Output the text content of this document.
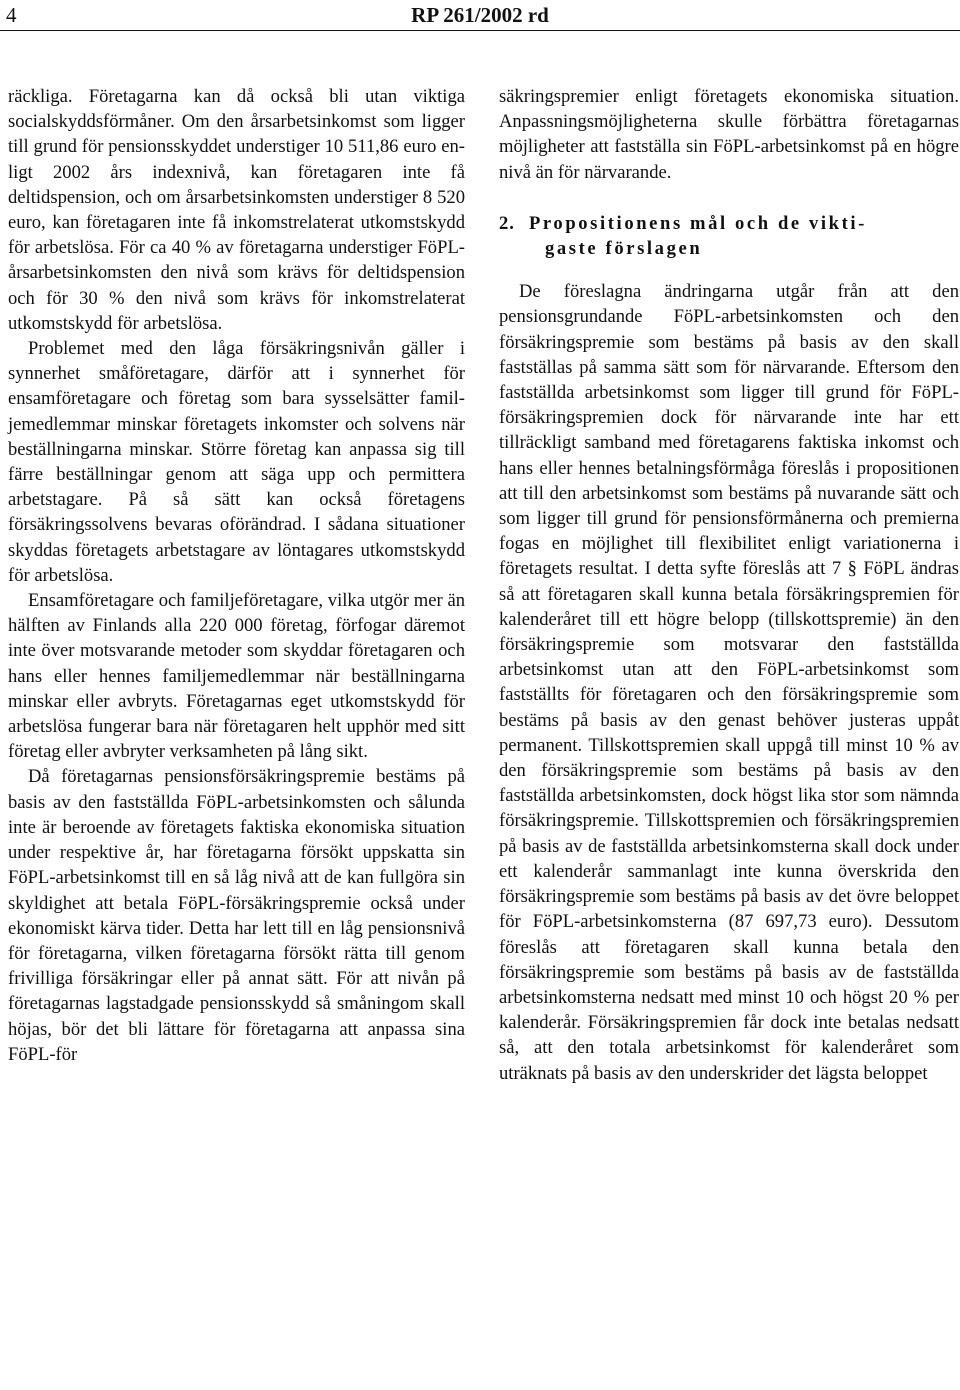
4	RP 261/2002 rd

räckliga. Företagarna kan då också bli utan viktiga socialskyddsförmåner. Om den årsarbetsinkomst som ligger till grund för pensionsskyddet understiger 10 511,86 euro enligt 2002 års indexnivå, kan företagaren inte få deltidspension, och om årsarbetsinkomsten understiger 8 520 euro, kan företagaren inte få inkomstrelaterat utkomstskydd för arbetslösa. För ca 40 % av företagarna understiger FöPL-årsarbetsinkomsten den nivå som krävs för deltidspension och för 30 % den nivå som krävs för inkomstrelaterat utkomstskydd för arbetslösa.

Problemet med den låga försäkringsnivån gäller i synnerhet småföretagare, därför att i synnerhet för ensamföretagare och företag som bara sysselsätter familjemedlemmar minskar företagets inkomster och solvens när beställningarna minskar. Större företag kan anpassa sig till färre beställningar genom att säga upp och permittera arbetstagare. På så sätt kan också företagens försäkringssolvens bevaras oförändrad. I sådana situationer skyddas företagets arbetstagare av löntagares utkomstskydd för arbetslösa.

Ensamföretagare och familjeföretagare, vilka utgör mer än hälften av Finlands alla 220 000 företag, förfogar däremot inte över motsvarande metoder som skyddar företagaren och hans eller hennes familjemedlemmar när beställningarna minskar eller avbryts. Företagarnas eget utkomstskydd för arbetslösa fungerar bara när företagaren helt upphör med sitt företag eller avbryter verksamheten på lång sikt.

Då företagarnas pensionsförsäkringspremie bestäms på basis av den fastställda FöPL-arbetsinkomsten och sålunda inte är beroende av företagets faktiska ekonomiska situation under respektive år, har företagarna försökt uppskatta sin FöPL-arbetsinkomst till en så låg nivå att de kan fullgöra sin skyldighet att betala FöPL-försäkringspremie också under ekonomiskt kärva tider. Detta har lett till en låg pensionsnivå för företagarna, vilken företagarna försökt rätta till genom frivilliga försäkringar eller på annat sätt. För att nivån på företagarnas lagstadgade pensionsskydd så småningom skall höjas, bör det bli lättare för företagarna att anpassa sina FöPL-för

säkringspremier enligt företagets ekonomiska situation. Anpassningsmöjligheterna skulle förbättra företagarnas möjligheter att fastställa sin FöPL-arbetsinkomst på en högre nivå än för närvarande.

2. Propositionens mål och de vikti-
gaste förslagen

De föreslagna ändringarna utgår från att den pensionsgrundande FöPL-arbetsinkomsten och den försäkringspremie som bestäms på basis av den skall fastställas på samma sätt som för närvarande. Eftersom den fastställda arbetsinkomst som ligger till grund för FöPL-försäkringspremien dock för närvarande inte har ett tillräckligt samband med företagarens faktiska inkomst och hans eller hennes betalningsförmåga föreslås i propositionen att till den arbetsinkomst som bestäms på nuvarande sätt och som ligger till grund för pensionsförmånerna och premierna fogas en möjlighet till flexibilitet enligt variationerna i företagets resultat. I detta syfte föreslås att 7 § FöPL ändras så att företagaren skall kunna betala försäkringspremien för kalenderåret till ett högre belopp (tillskottspremie) än den försäkringspremie som motsvarar den fastställda arbetsinkomst utan att den FöPL-arbetsinkomst som fastställts för företagaren och den försäkringspremie som bestäms på basis av den genast behöver justeras uppåt permanent. Tillskottspremien skall uppgå till minst 10 % av den försäkringspremie som bestäms på basis av den fastställda arbetsinkomsten, dock högst lika stor som nämnda försäkringspremie. Tillskottspremien och försäkringspremien på basis av de fastställda arbetsinkomsterna skall dock under ett kalenderår sammanlagt inte kunna överskrida den försäkringspremie som bestäms på basis av det övre beloppet för FöPL-arbetsinkomsterna (87 697,73 euro). Dessutom föreslås att företagaren skall kunna betala den försäkringspremie som bestäms på basis av de fastställda arbetsinkomsterna nedsatt med minst 10 och högst 20 % per kalenderår. Försäkringspremien får dock inte betalas nedsatt så, att den totala arbetsinkomst för kalenderåret som uträknats på basis av den underskrider det lägsta beloppet
